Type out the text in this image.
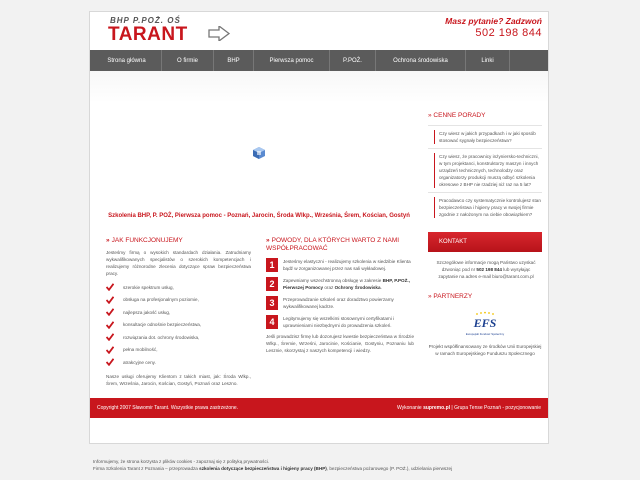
BHP P.POŻ. OŚ
TARANT
Masz pytanie? Zadzwoń
502 198 844
Strona główna	O firmie	BHP	Pierwsza pomoc	P.POŻ.	Ochrona środowiska	Linki
Szkolenia BHP, P. POŻ, Pierwsza pomoc - Poznań, Jarocin, Środa Wlkp., Września, Śrem, Kościan, Gostyń
» JAK FUNKCJONUJEMY
Jesteśmy firmą o wysokich standardach działania. Zatrudniamy wykwalifikowanych specjalistów o szerokich kompetencjach i realizujemy różnorodne zlecenia dotyczące spraw bezpieczeństwa pracy.
szerokie spektrum usług,
obsługa na profesjonalnym poziomie,
najlepsza jakość usług,
konsultacje odnośnie bezpieczeństwa,
rozwiązania dot. ochrony środowiska,
pełna mobilność,
atrakcyjne ceny.
Nasze usługi oferujemy Klientom z takich miast, jak: Środa Wlkp., Śrem, Września, Jarocin, Kościan, Gostyń, Poznań oraz Leszno.
» POWODY, DLA KTÓRYCH WARTO Z NAMI WSPÓŁPRACOWAĆ
1	Jesteśmy elastyczni - realizujemy szkolenia w siedzibie Klienta bądź w zorganizowanej przez nas sali wykładowej.
2	Zapewniamy wszechstronną obsługę w zakresie BHP, P.POŻ., Pierwszej Pomocy oraz Ochrony Środowiska.
3	Przeprowadzanie szkoleń oraz doradztwo powierzamy wykwalifikowanej kadrze.
4	Legitymujemy się wszelkimi stosownymi certyfikatami i uprawnieniami niezbędnymi do prowadzenia szkoleń.
Jeśli prowadzisz firmę lub dozorujesz kwestie bezpieczeństwa w Środzie Wlkp., Śremie, Wrześni, Jarocinie, Kościanie, Gostyniu, Poznaniu lub Lesznie, skorzystaj z naszych kompetencji i wiedzy.
» CENNE PORADY
Czy wiesz w jakich przypadkach i w jaki sposób stosować sygnały bezpieczeństwa?
Czy wiesz, że pracownicy inżyniersko-techniczni, w tym projektanci, konstruktorzy maszyn i innych urządzeń technicznych, technolodzy oraz organizatorzy produkcji muszą odbyć szkolenia okresowe z BHP nie rzadziej niż raz na 5 lat?
Pracodawco czy systematycznie kontrolujesz stan bezpieczeństwa i higieny pracy w swojej firmie zgodnie z nałożonym na ciebie obowiązkiem?
KONTAKT
Szczegółowe informacje mogą Państwo uzyskać dzwoniąc pod nr 502 198 844 lub wysyłając zapytanie na adres e-mail biuro@tarant.com.pl
» PARTNERZY
EFS
Europejski Fundusz Społeczny
Projekt współfinansowany ze środków Unii Europejskiej w ramach Europejskiego Funduszu Społecznego
Copyright 2007 Sławomir Tarant. Wszystkie prawa zastrzeżone.	Wykonanie supremo.pl | Grupa Tense Poznań - pozycjonowanie
Informujemy, że strona korzysta z plików cookies - zapoznaj się z polityką prywatności.
Firma Szkolenia Tarant z Poznania – przeprowadza szkolenia dotyczące bezpieczeństwa i higieny pracy (BHP), bezpieczeństwa pożarowego (P. POŻ.), udzielania pierwszej
